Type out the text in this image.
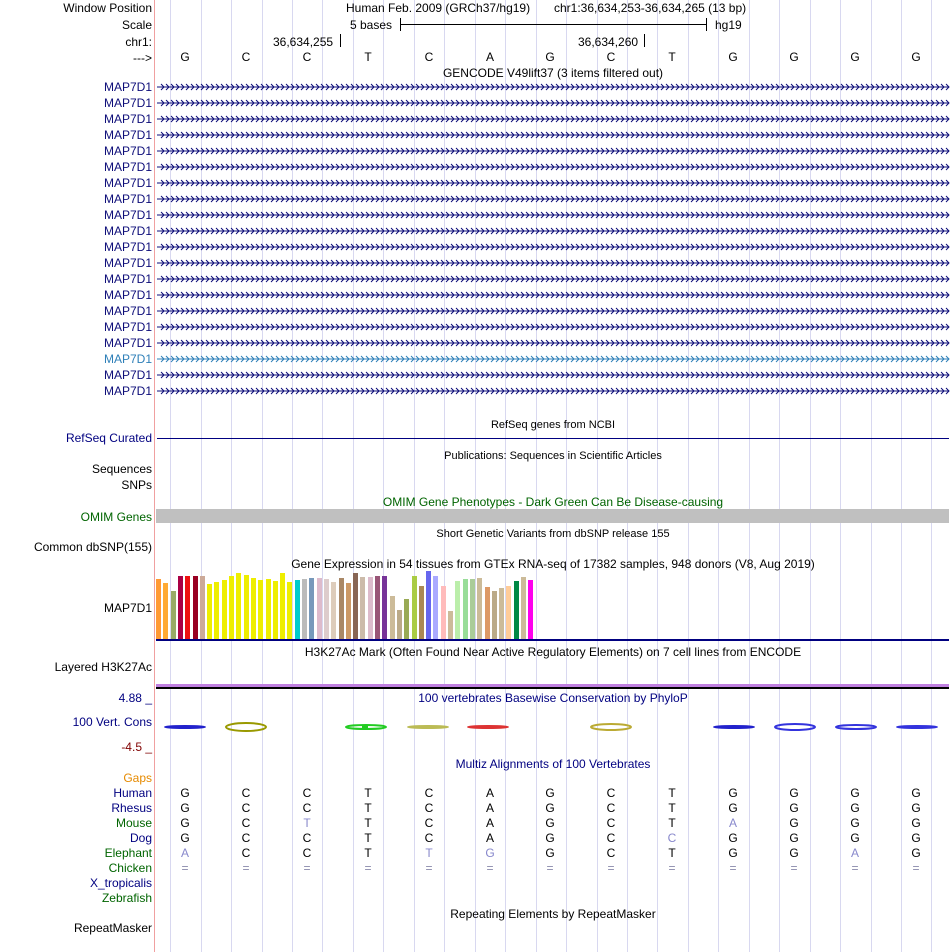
Window Position
Scale
chr1:
--->
Human Feb. 2009 (GRCh37/hg19) chr1:36,634,253-36,634,265 (13 bp)
5 bases	hg19
36,634,255	36,634,260
G	C	C	T	C	A	G	C	T	G	G	G	G
GENCODE V49lift37 (3 items filtered out)
MAP7D1
MAP7D1
MAP7D1
MAP7D1
MAP7D1
MAP7D1
MAP7D1
MAP7D1
MAP7D1
MAP7D1
MAP7D1
MAP7D1
MAP7D1
MAP7D1
MAP7D1
MAP7D1
MAP7D1
MAP7D1
MAP7D1
MAP7D1
RefSeq genes from NCBI
RefSeq Curated
Publications: Sequences in Scientific Articles
Sequences
SNPs
OMIM Gene Phenotypes - Dark Green Can Be Disease-causing
OMIM Genes
Short Genetic Variants from dbSNP release 155
Common dbSNP(155)
Gene Expression in 54 tissues from GTEx RNA-seq of 17382 samples, 948 donors (V8, Aug 2019)
MAP7D1
H3K27Ac Mark (Often Found Near Active Regulatory Elements) on 7 cell lines from ENCODE
Layered H3K27Ac
100 vertebrates Basewise Conservation by PhyloP
4.88 _
100 Vert. Cons
-4.5 _
Multiz Alignments of 100 Vertebrates
Gaps
Human G	C	C	T	C	A	G	C	T	G	G	G	G
Rhesus G	C	C	T	C	A	G	C	T	G	G	G	G
Mouse G	C	T	T	C	A	G	C	T	A	G	G	G
Dog G	C	C	T	C	A	G	C	C	G	G	G	G
Elephant A	C	C	T	T	G	G	C	T	G	G	A	G
Chicken =	=	=	=	=	=	=	=	=	=	=	=	=
X_tropicalis
Zebrafish
Repeating Elements by RepeatMasker
RepeatMasker
